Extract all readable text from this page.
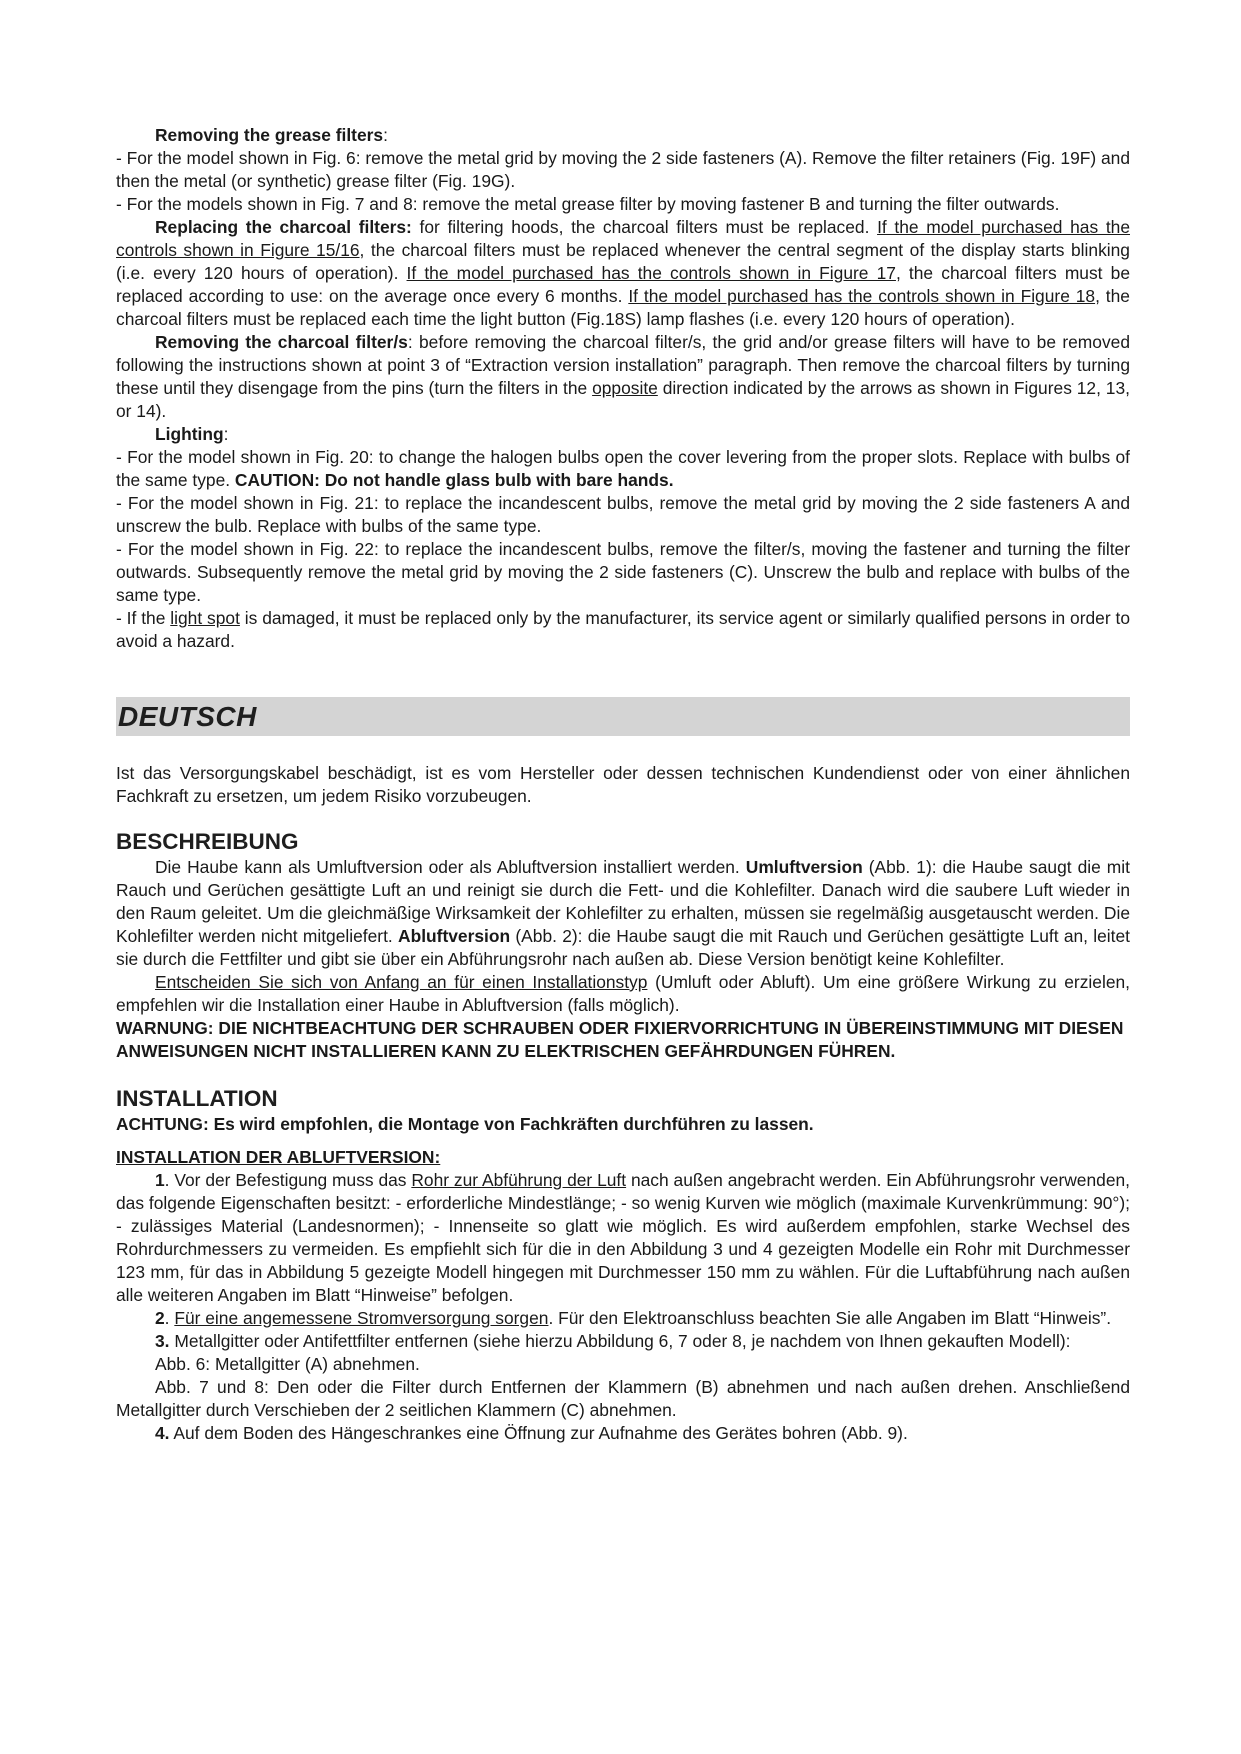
Removing the grease filters:

- For the model shown in Fig. 6: remove the metal grid by moving the 2 side fasteners (A). Remove the filter retainers (Fig. 19F) and then the metal (or synthetic) grease filter (Fig. 19G).

- For the models shown in Fig. 7 and 8: remove the metal grease filter by moving fastener B and turning the filter outwards.

Replacing the charcoal filters: for filtering hoods, the charcoal filters must be replaced. If the model purchased has the controls shown in Figure 15/16, the charcoal filters must be replaced whenever the central segment of the display starts blinking (i.e. every 120 hours of operation). If the model purchased has the controls shown in Figure 17, the charcoal filters must be replaced according to use: on the average once every 6 months. If the model purchased has the controls shown in Figure 18, the charcoal filters must be replaced each time the light button (Fig.18S) lamp flashes (i.e. every 120 hours of operation).

Removing the charcoal filter/s: before removing the charcoal filter/s, the grid and/or grease filters will have to be removed following the instructions shown at point 3 of “Extraction version installation” paragraph. Then remove the charcoal filters by turning these until they disengage from the pins (turn the filters in the opposite direction indicated by the arrows as shown in Figures 12, 13, or 14).

Lighting:

- For the model shown in Fig. 20: to change the halogen bulbs open the cover levering from the proper slots. Replace with bulbs of the same type. CAUTION: Do not handle glass bulb with bare hands.

- For the model shown in Fig. 21: to replace the incandescent bulbs, remove the metal grid by moving the 2 side fasteners A and unscrew the bulb. Replace with bulbs of the same type.

- For the model shown in Fig. 22: to replace the incandescent bulbs, remove the filter/s, moving the fastener and turning the filter outwards. Subsequently remove the metal grid by moving the 2 side fasteners (C). Unscrew the bulb and replace with bulbs of the same type.

- If the light spot is damaged, it must be replaced only by the manufacturer, its service agent or similarly qualified persons in order to avoid a hazard.

DEUTSCH

Ist das Versorgungskabel beschädigt, ist es vom Hersteller oder dessen technischen Kundendienst oder von einer ähnlichen Fachkraft zu ersetzen, um jedem Risiko vorzubeugen.

BESCHREIBUNG

Die Haube kann als Umluftversion oder als Abluftversion installiert werden. Umluftversion (Abb. 1): die Haube saugt die mit Rauch und Gerüchen gesättigte Luft an und reinigt sie durch die Fett- und die Kohlefilter. Danach wird die saubere Luft wieder in den Raum geleitet. Um die gleichmäßige Wirksamkeit der Kohlefilter zu erhalten, müssen sie regelmäßig ausgetauscht werden. Die Kohlefilter werden nicht mitgeliefert. Abluftversion (Abb. 2): die Haube saugt die mit Rauch und Gerüchen gesättigte Luft an, leitet sie durch die Fettfilter und gibt sie über ein Abführungsrohr nach außen ab. Diese Version benötigt keine Kohlefilter.

Entscheiden Sie sich von Anfang an für einen Installationstyp (Umluft oder Abluft). Um eine größere Wirkung zu erzielen, empfehlen wir die Installation einer Haube in Abluftversion (falls möglich).

WARNUNG: DIE NICHTBEACHTUNG DER SCHRAUBEN ODER FIXIERVORRICHTUNG IN ÜBEREINSTIMMUNG MIT DIESEN ANWEISUNGEN NICHT INSTALLIEREN KANN ZU ELEKTRISCHEN GEFÄHRDUNGEN FÜHREN.

INSTALLATION

ACHTUNG: Es wird empfohlen, die Montage von Fachkräften durchführen zu lassen.

INSTALLATION DER ABLUFTVERSION:

1. Vor der Befestigung muss das Rohr zur Abführung der Luft nach außen angebracht werden. Ein Abführungsrohr verwenden, das folgende Eigenschaften besitzt: - erforderliche Mindestlänge; - so wenig Kurven wie möglich (maximale Kurvenkrümmung: 90°); - zulässiges Material (Landesnormen); - Innenseite so glatt wie möglich. Es wird außerdem empfohlen, starke Wechsel des Rohrdurchmessers zu vermeiden. Es empfiehlt sich für die in den Abbildung 3 und 4 gezeigten Modelle ein Rohr mit Durchmesser 123 mm, für das in Abbildung 5 gezeigte Modell hingegen mit Durchmesser 150 mm zu wählen. Für die Luftabführung nach außen alle weiteren Angaben im Blatt “Hinweise” befolgen.

2. Für eine angemessene Stromversorgung sorgen. Für den Elektroanschluss beachten Sie alle Angaben im Blatt “Hinweis”.

3. Metallgitter oder Antifettfilter entfernen (siehe hierzu Abbildung 6, 7 oder 8, je nachdem von Ihnen gekauften Modell):

Abb. 6: Metallgitter (A) abnehmen.

Abb. 7 und 8: Den oder die Filter durch Entfernen der Klammern (B) abnehmen und nach außen drehen. Anschließend Metallgitter durch Verschieben der 2 seitlichen Klammern (C) abnehmen.

4. Auf dem Boden des Hängeschrankes eine Öffnung zur Aufnahme des Gerätes bohren (Abb. 9).
